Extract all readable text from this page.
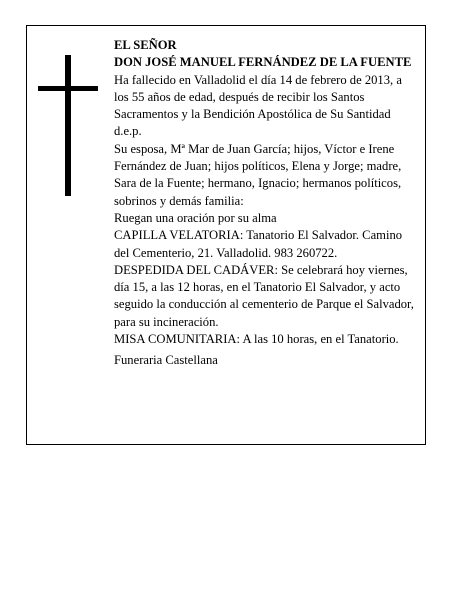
EL SEÑOR

DON JOSÉ MANUEL FERNÁNDEZ DE LA FUENTE

Ha fallecido en Valladolid el día 14 de febrero de 2013, a los 55 años de edad, después de recibir los Santos Sacramentos y la Bendición Apostólica de Su Santidad d.e.p.

Su esposa, Mª Mar de Juan García; hijos, Víctor e Irene Fernández de Juan; hijos políticos, Elena y Jorge; madre, Sara de la Fuente; hermano, Ignacio; hermanos políticos, sobrinos y demás familia:

Ruegan una oración por su alma

CAPILLA VELATORIA: Tanatorio El Salvador. Camino del Cementerio, 21. Valladolid. 983 260722.

DESPEDIDA DEL CADÁVER: Se celebrará hoy viernes, día 15, a las 12 horas, en el Tanatorio El Salvador, y acto seguido la conducción al cementerio de Parque el Salvador, para su incineración.

MISA COMUNITARIA: A las 10 horas, en el Tanatorio.

Funeraria Castellana
